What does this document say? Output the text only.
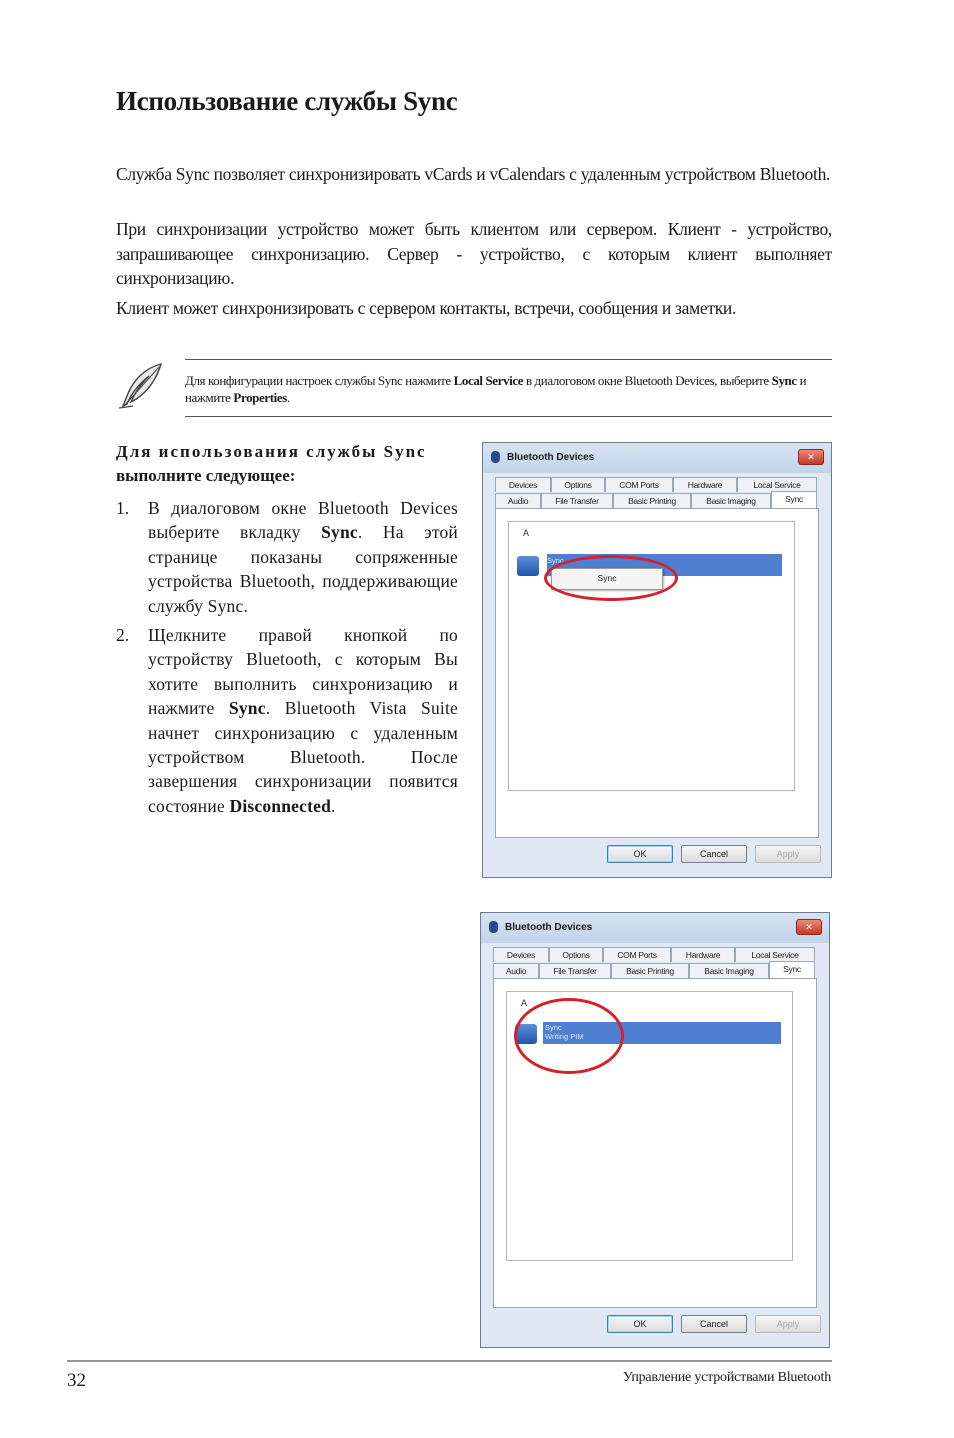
Использование службы Sync

Служба Sync позволяет синхронизировать vCards и vCalendars с удаленным устройством Bluetooth.

При синхронизации устройство может быть клиентом или сервером. Клиент - устройство, запрашивающее синхронизацию. Сервер - устройство, с которым клиент выполняет синхронизацию.

Клиент может синхронизировать с сервером контакты, встречи, сообщения и заметки.

Для конфигурации настроек службы Sync нажмите Local Service в диалоговом окне Bluetooth Devices, выберите Sync и нажмите Properties.
Для использования службы Sync
выполните следующее:
1. В диалоговом окне Bluetooth Devices выберите вкладку Sync. На этой странице показаны сопряженные устройства Bluetooth, поддерживающие службу Sync.
2. Щелкните правой кнопкой по устройству Bluetooth, с которым Вы хотите выполнить синхронизацию и нажмите Sync. Bluetooth Vista Suite начнет синхронизацию с удаленным устройством Bluetooth. После завершения синхронизации появится состояние Disconnected.
Bluetooth Devices	✕
Devices	Options	COM Ports	Hardware	Local Service
Audio	File Transfer	Basic Printing	Basic Imaging	Sync
A
Sync
Sync
OK	Cancel	Apply
Bluetooth Devices	✕
Devices	Options	COM Ports	Hardware	Local Service
Audio	File Transfer	Basic Printing	Basic Imaging	Sync
A
Sync
Writing PIM
OK	Cancel	Apply
32	Управление устройствами Bluetooth
